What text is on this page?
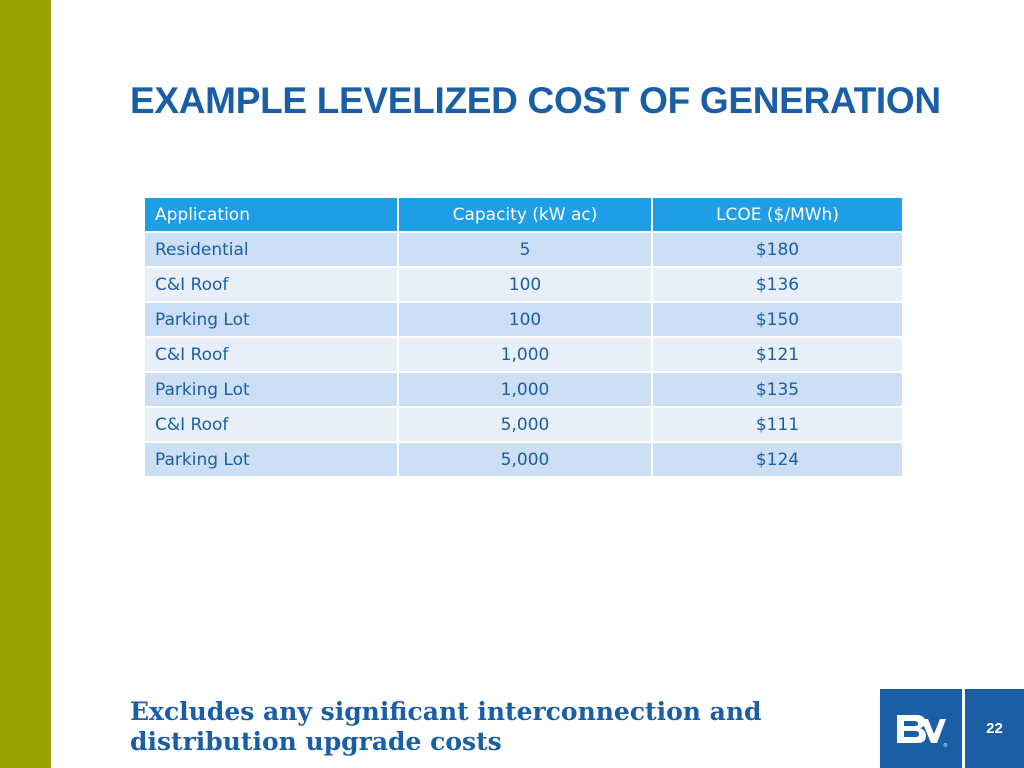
EXAMPLE LEVELIZED COST OF GENERATION
Application	Capacity (kW ac)	LCOE ($/MWh)
Residential	5	$180
C&I Roof	100	$136
Parking Lot	100	$150
C&I Roof	1,000	$121
Parking Lot	1,000	$135
C&I Roof	5,000	$111
Parking Lot	5,000	$124

Excludes any significant interconnection and
distribution upgrade costs	®
22
